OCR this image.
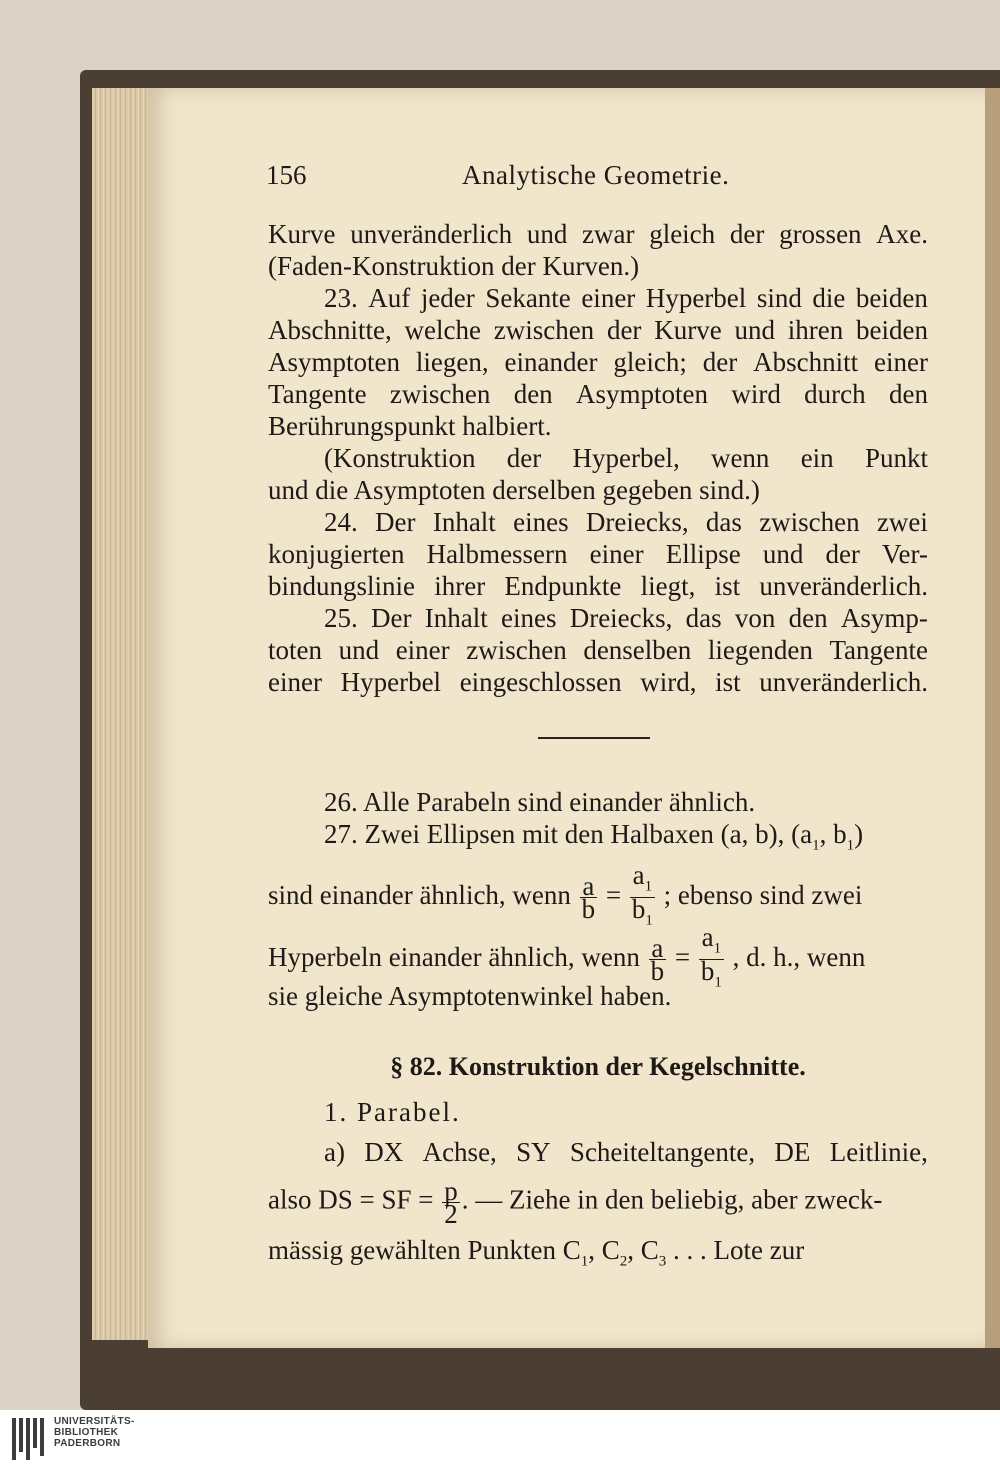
156	Analytische Geometrie.
Kurve unveränderlich und zwar gleich der grossen Axe.
(Faden-Konstruktion der Kurven.)
23. Auf jeder Sekante einer Hyperbel sind die beiden
Abschnitte, welche zwischen der Kurve und ihren beiden
Asymptoten liegen, einander gleich; der Abschnitt einer
Tangente zwischen den Asymptoten wird durch den
Berührungspunkt halbiert.
(Konstruktion der Hyperbel, wenn ein Punkt
und die Asymptoten derselben gegeben sind.)
24. Der Inhalt eines Dreiecks, das zwischen zwei
konjugierten Halbmessern einer Ellipse und der Ver-
bindungslinie ihrer Endpunkte liegt, ist unveränderlich.
25. Der Inhalt eines Dreiecks, das von den Asymp-
toten und einer zwischen denselben liegenden Tangente
einer Hyperbel eingeschlossen wird, ist unveränderlich.
26. Alle Parabeln sind einander ähnlich.
27. Zwei Ellipsen mit den Halbaxen (a, b), ($a_1$, $b_1$)
sind einander ähnlich, wenn $\frac{a}{b} = \frac{a_1}{b_1}$ ; ebenso sind zwei
Hyperbeln einander ähnlich, wenn $\frac{a}{b} = \frac{a_1}{b_1}$ , d. h., wenn
sie gleiche Asymptotenwinkel haben.
§ 82. Konstruktion der Kegelschnitte.
1. Parabel.
a) DX Achse, SY Scheiteltangente, DE Leitlinie,
also DS = SF = $\frac{p}{2}$ . — Ziehe in den beliebig, aber zweck-
mässig gewählten Punkten $C_1$, $C_2$, $C_3$ . . . Lote zur
UNIVERSITÄTS-
BIBLIOTHEK
PADERBORN
